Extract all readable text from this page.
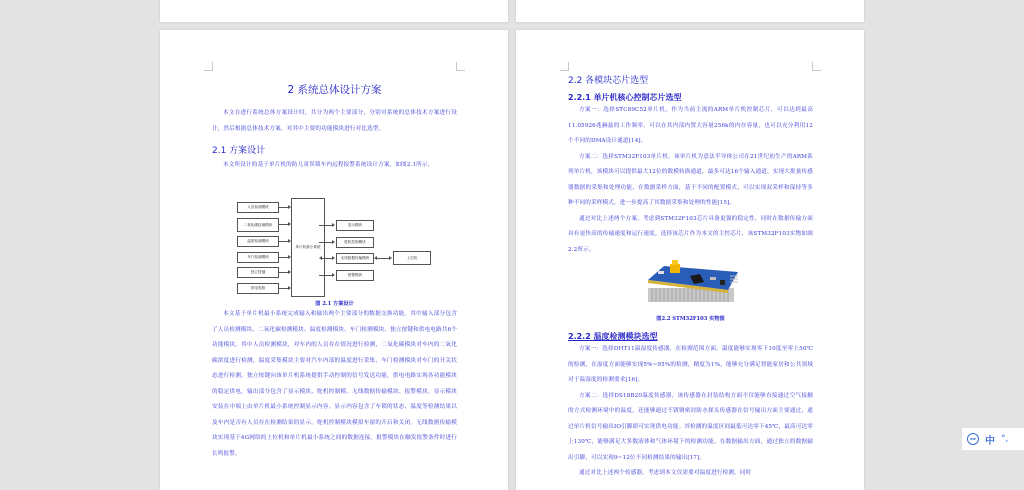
2 系统总体设计方案

本文在进行系统总体方案设计时，共分为两个主要部分，分别对系统的总体技术方案进行设计，然后根据总体技术方案，对其中主要的功能模块进行对比选型。

2.1 方案设计

本文所设计的基于单片机的防儿童误锁车内远程报警系统设计方案，如图2.1所示。

人员检测模块
二氧化碳检测模块
温度检测模块
车门检测模块
独立按键
供电电路
单片机最小系统
显示模块
舵机控制模块
无线数据传输模块
报警模块
上位机

图 2.1 方案设计

本文基于单片机最小系统完成输入和输出两个主要部分的数据交换功能。其中输入部分包含了人员检测模块、二氧化碳检测模块、温度检测模块、车门检测模块、独立按键和供电电路共6个功能模块。其中人员检测模块，对车内的人员存在情况进行检测，二氧化碳模块对车内的二氧化碳浓度进行检测，温度采集模块主要对汽车内部的温度进行采集，车门检测模块对车门的开关状态进行检测，独立按键向该单片机系统提供手动控制的信号发送功能，供电电路实现各功能模块的稳定供电。输出部分包含了显示模块、舵机控制模、无线数据传输模块、报警模块。显示模块安装在中端上由单片机最小系统控制显示内容。显示内容包含了车锁的状态、温度等检测结果以及车内是否有人员存在检测结果的显示。舵机控制模块模拟车窗的开启和关闭。无线数据传输模块实现基于4G网络的上位机和单片机最小系统之间的数据连接。报警模块在触发报警条件时进行长鸣报警。

2.2 各模块芯片选型

2.2.1 单片机核心控制芯片选型

方案一：选择STC89C52单片机，作为当前主流的ARM单片机控制芯片，可以达到最高11.05926兆赫兹的工作频率，可以在其内部内置大容量256k的内存容量，也可以充分利用12个不同的DMA设计通道[14]。

方案二：选择STM32F103单片机，该单片机为意法半导体公司在21世纪初生产的ARM系列单片机，该模块可以提供最大12位的数模转换通道，最多可达16个输入通道，实现大批量传感器数据的采集和处理功能，在数据采样方面，基于不同的配置模式，可以实现双采样和保持等多种不同的采样模式，进一步提高了其数据采集和处理的性能[15]。

通过对比上述两个方案，考虑到STM32F103芯片具备更强的稳定性，同时在数据传输方面具有更快高的传输速度和运行速度，选择该芯片作为本文的主控芯片，该STM32F103实物如图2.2所示。

图2.2 STM32F103 实物图

2.2.2 温度检测模块选型

方案一：选择DHT11温湿度传感器，在检测范围方面，温度能够实现零下10度至零上50℃的检测，在湿度方面能够实现5%~95%的检测，精度为1%，能够充分满足智能家居和公共领域对于温湿度的检测要求[16]。

方案二：选择DS18B20温度传感器，该传感器在封装结构方面不仅能够直接通过空气接触的方式检测环境中的温度，还能够通过不锈钢密封防水探头传感器在信号输出方面主要通过，通过单片机信号输出IO引脚即可实现供电功能。其检测的温度区间最低可达零下45℃，最高可达零上130℃，能够满足大多数液体和气体环境下的检测功能，在数据输出方面，通过独立的数据输出引脚，可以实现9~12位不同检测结果的输出[17]。

通过对比上述两个传感器，考虑到本文仅需要对温度进行检测，同时

IME 中 °,
